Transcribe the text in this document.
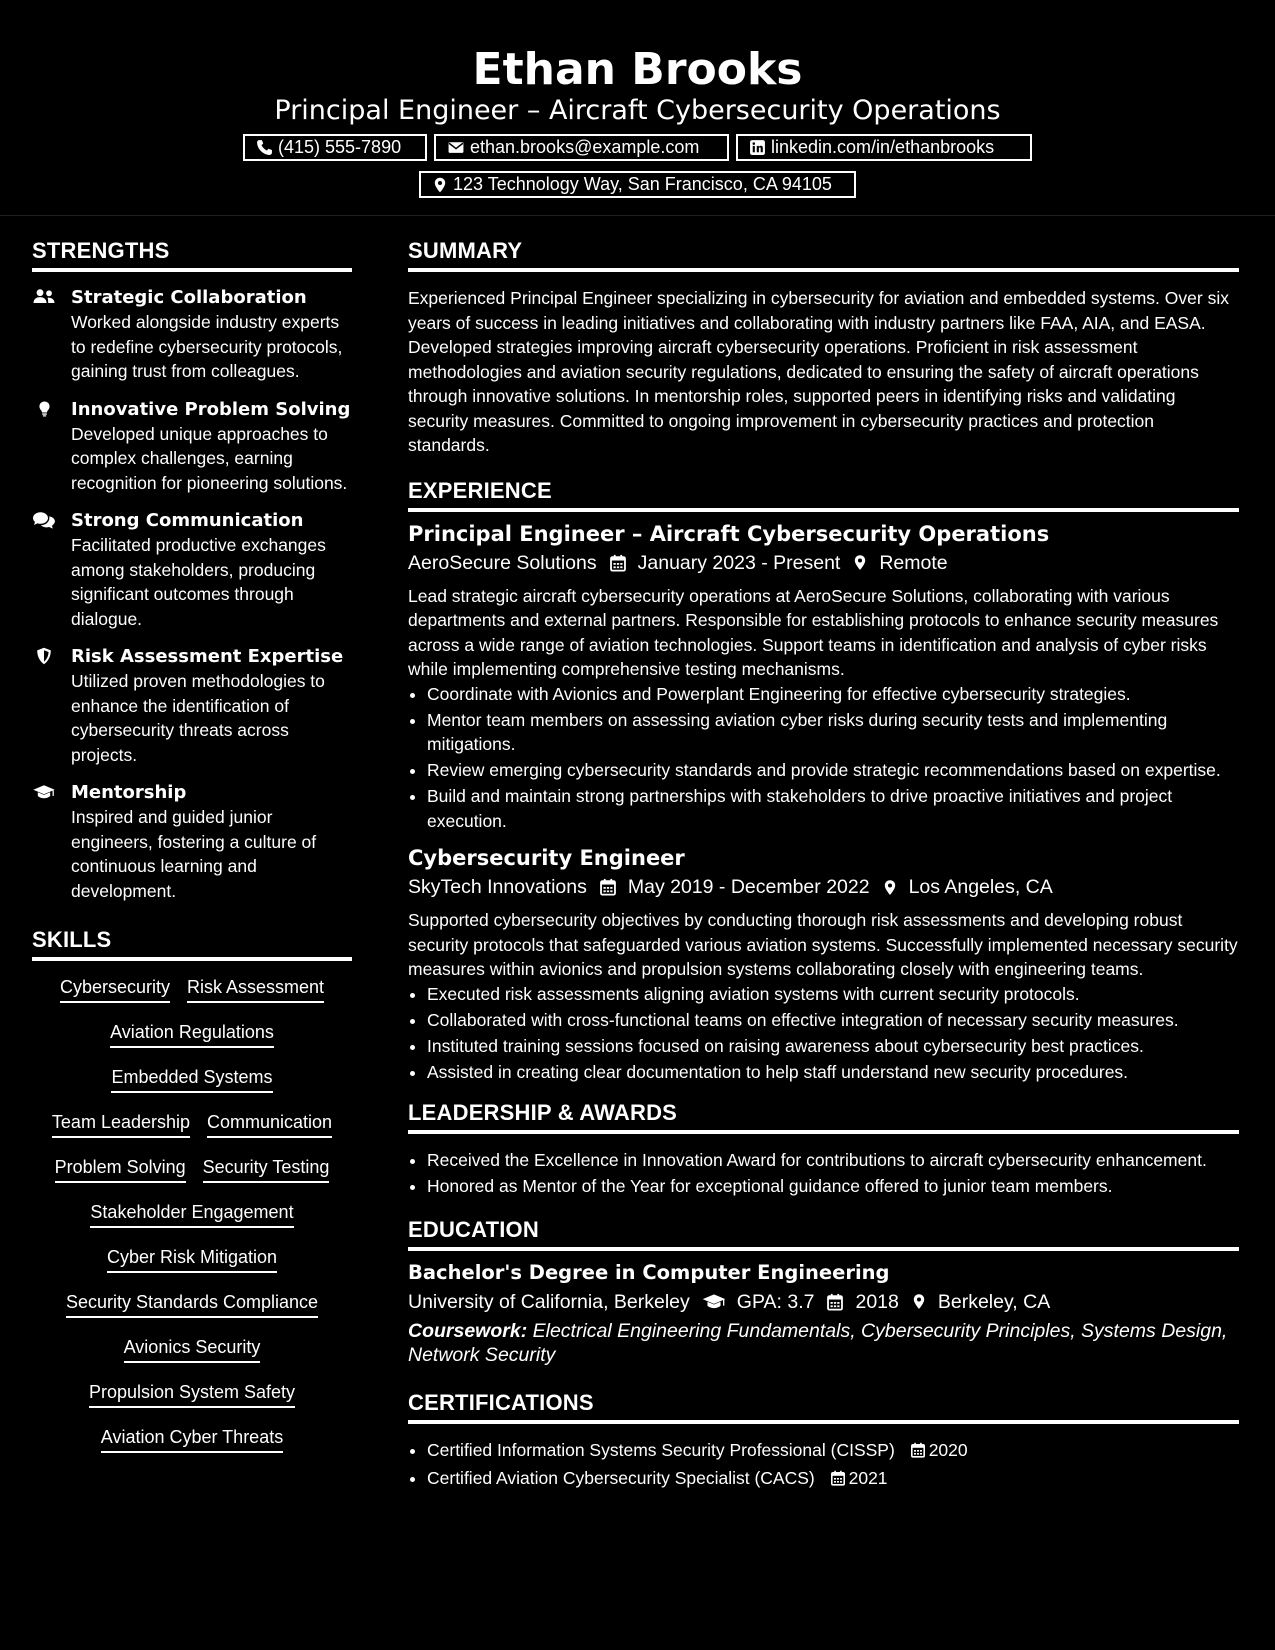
Ethan Brooks
Principal Engineer – Aircraft Cybersecurity Operations
(415) 555-7890	ethan.brooks@example.com	linkedin.com/in/ethanbrooks
123 Technology Way, San Francisco, CA 94105
STRENGTHS
Strategic Collaboration
Worked alongside industry experts to redefine cybersecurity protocols, gaining trust from colleagues.
Innovative Problem Solving
Developed unique approaches to complex challenges, earning recognition for pioneering solutions.
Strong Communication
Facilitated productive exchanges among stakeholders, producing significant outcomes through dialogue.
Risk Assessment Expertise
Utilized proven methodologies to enhance the identification of cybersecurity threats across projects.
Mentorship
Inspired and guided junior engineers, fostering a culture of continuous learning and development.
SKILLS
Cybersecurity Risk Assessment
Aviation Regulations
Embedded Systems
Team Leadership Communication
Problem Solving Security Testing
Stakeholder Engagement
Cyber Risk Mitigation
Security Standards Compliance
Avionics Security
Propulsion System Safety
Aviation Cyber Threats
SUMMARY

Experienced Principal Engineer specializing in cybersecurity for aviation and embedded systems. Over six years of success in leading initiatives and collaborating with industry partners like FAA, AIA, and EASA. Developed strategies improving aircraft cybersecurity operations. Proficient in risk assessment methodologies and aviation security regulations, dedicated to ensuring the safety of aircraft operations through innovative solutions. In mentorship roles, supported peers in identifying risks and validating security measures. Committed to ongoing improvement in cybersecurity practices and protection standards.

EXPERIENCE
Principal Engineer – Aircraft Cybersecurity Operations
AeroSecure Solutions January 2023 - Present Remote

Lead strategic aircraft cybersecurity operations at AeroSecure Solutions, collaborating with various departments and external partners. Responsible for establishing protocols to enhance security measures across a wide range of aviation technologies. Support teams in identification and analysis of cyber risks while implementing comprehensive testing mechanisms.

• Coordinate with Avionics and Powerplant Engineering for effective cybersecurity strategies.
• Mentor team members on assessing aviation cyber risks during security tests and implementing mitigations.
• Review emerging cybersecurity standards and provide strategic recommendations based on expertise.
• Build and maintain strong partnerships with stakeholders to drive proactive initiatives and project execution.
Cybersecurity Engineer
SkyTech Innovations May 2019 - December 2022 Los Angeles, CA

Supported cybersecurity objectives by conducting thorough risk assessments and developing robust security protocols that safeguarded various aviation systems. Successfully implemented necessary security measures within avionics and propulsion systems collaborating closely with engineering teams.

• Executed risk assessments aligning aviation systems with current security protocols.
• Collaborated with cross-functional teams on effective integration of necessary security measures.
• Instituted training sessions focused on raising awareness about cybersecurity best practices.
• Assisted in creating clear documentation to help staff understand new security procedures.
LEADERSHIP & AWARDS
• Received the Excellence in Innovation Award for contributions to aircraft cybersecurity enhancement.
• Honored as Mentor of the Year for exceptional guidance offered to junior team members.
EDUCATION
Bachelor's Degree in Computer Engineering
University of California, Berkeley GPA: 3.7 2018 Berkeley, CA
Coursework: Electrical Engineering Fundamentals, Cybersecurity Principles, Systems Design, Network Security
CERTIFICATIONS
• Certified Information Systems Security Professional (CISSP) 2020
• Certified Aviation Cybersecurity Specialist (CACS) 2021
